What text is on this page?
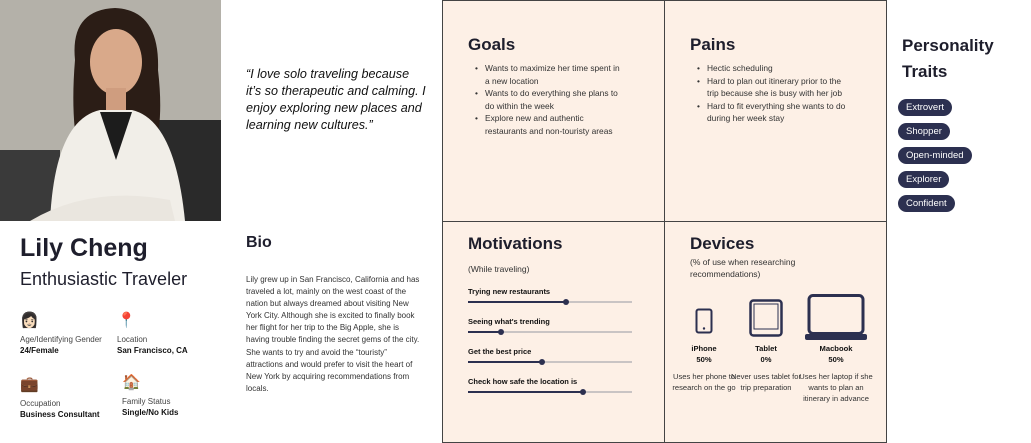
Lily Cheng
Enthusiastic Traveler
👩🏻
Age/Identifying Gender
24/Female
📍
Location
San Francisco, CA
💼
Occupation
Business Consultant
🏠
Family Status
Single/No Kids
“I love solo traveling because it’s so therapeutic and calming. I enjoy exploring new places and learning new cultures.”
Bio
Lily grew up in San Francisco, California and has traveled a lot, mainly on the west coast of the nation but always dreamed about visiting New York City. Although she is excited to finally book her flight for her trip to the Big Apple, she is having trouble finding the secret gems of the city. She wants to try and avoid the “touristy” attractions and would prefer to visit the heart of New York by acquiring recommendations from locals.
Goals
• Wants to maximize her time spent in a new location
• Wants to do everything she plans to do within the week
• Explore new and authentic restaurants and non-touristy areas
Pains
• Hectic scheduling
• Hard to plan out itinerary prior to the trip because she is busy with her job
• Hard to fit everything she wants to do during her week stay
Motivations
(While traveling)
Trying new restaurants
Seeing what's trending
Get the best price
Check how safe the location is
Devices
(% of use when researching recommendations)
iPhone
50%
Uses her phone to research on the go
Tablet
0%
Never uses tablet for trip preparation
Macbook
50%
Uses her laptop if she wants to plan an itinerary in advance
Personality Traits
Extrovert
Shopper
Open-minded
Explorer
Confident
